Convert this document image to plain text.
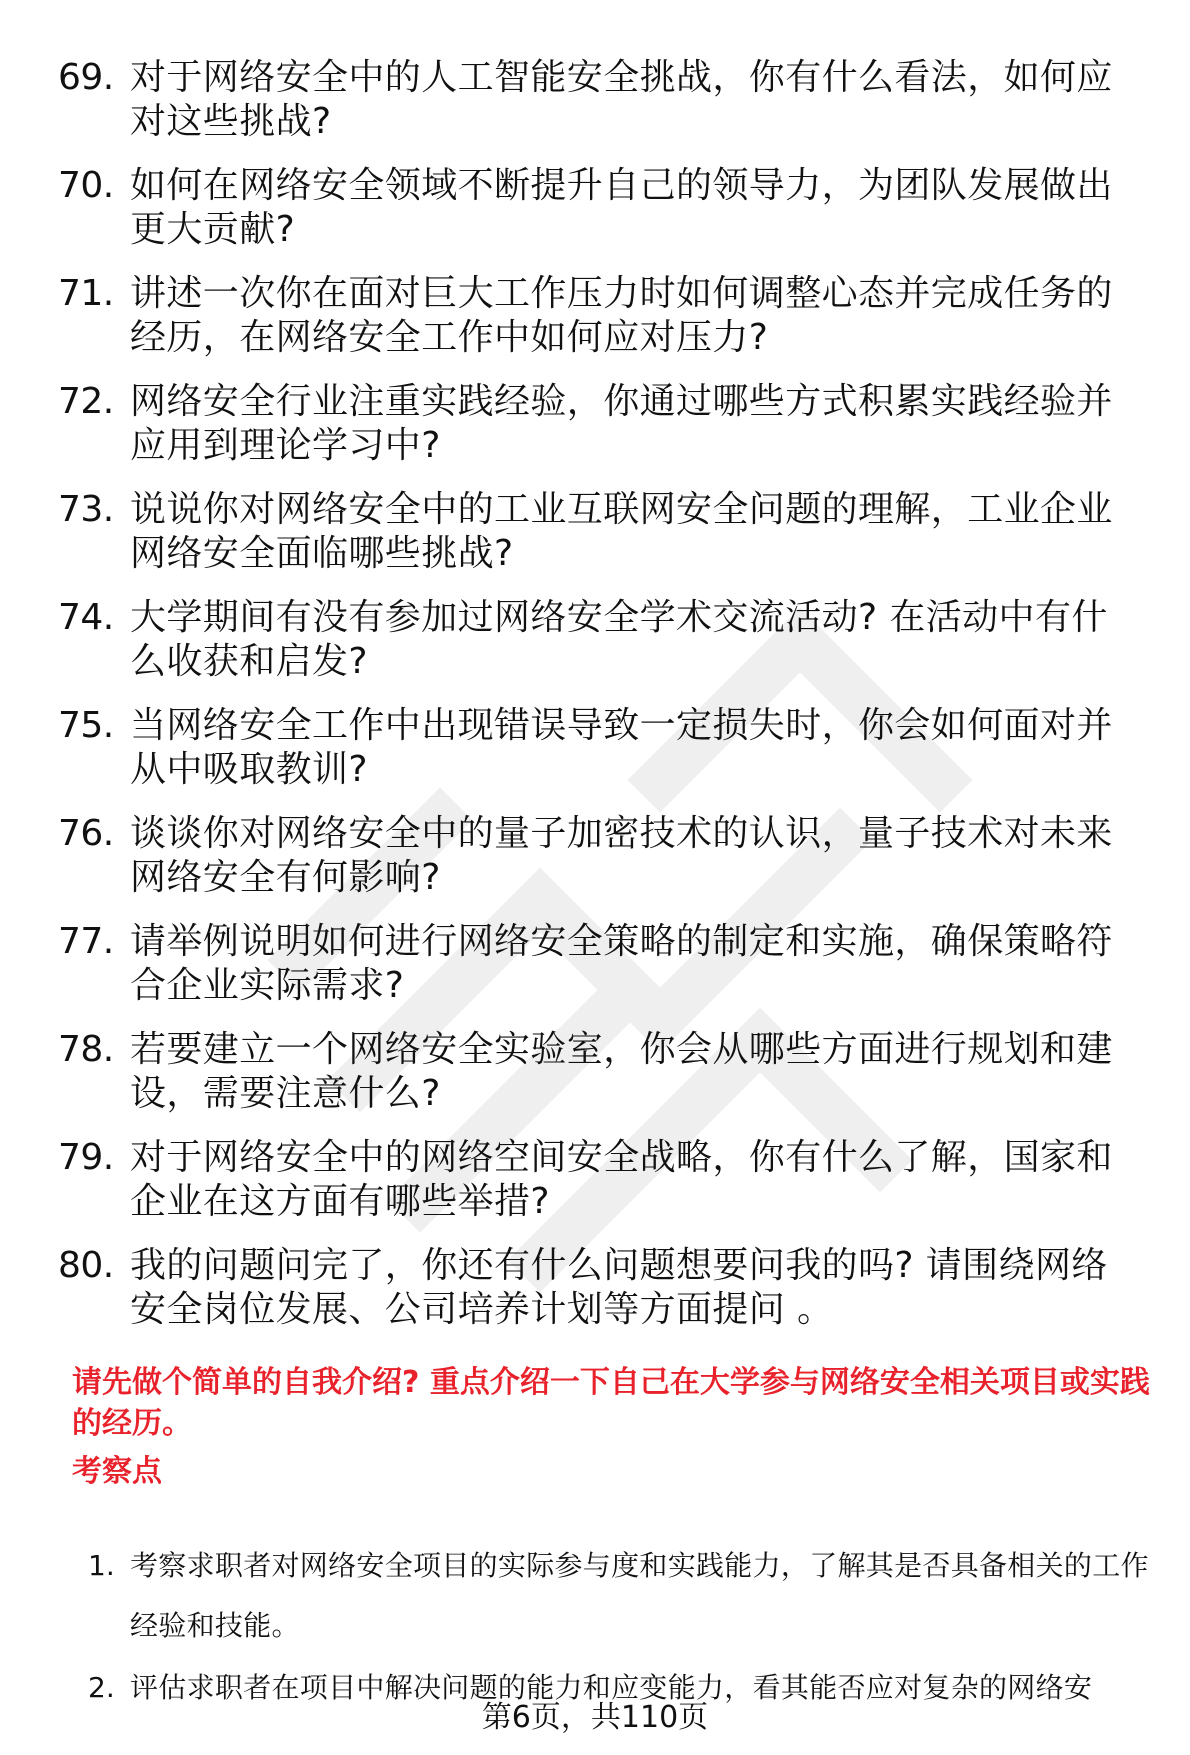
69. 对于网络安全中的人工智能安全挑战，你有什么看法，如何应对这些挑战?
70. 如何在网络安全领域不断提升自己的领导力，为团队发展做出更大贡献?
71. 讲述一次你在面对巨大工作压力时如何调整心态并完成任务的经历，在网络安全工作中如何应对压力?
72. 网络安全行业注重实践经验，你通过哪些方式积累实践经验并应用到理论学习中?
73. 说说你对网络安全中的工业互联网安全问题的理解，工业企业网络安全面临哪些挑战?
74. 大学期间有没有参加过网络安全学术交流活动? 在活动中有什么收获和启发?
75. 当网络安全工作中出现错误导致一定损失时，你会如何面对并从中吸取教训?
76. 谈谈你对网络安全中的量子加密技术的认识，量子技术对未来网络安全有何影响?
77. 请举例说明如何进行网络安全策略的制定和实施，确保策略符合企业实际需求?
78. 若要建立一个网络安全实验室，你会从哪些方面进行规划和建设，需要注意什么?
79. 对于网络安全中的网络空间安全战略，你有什么了解，国家和企业在这方面有哪些举措?
80. 我的问题问完了，你还有什么问题想要问我的吗? 请围绕网络安全岗位发展、公司培养计划等方面提问 。
请先做个简单的自我介绍? 重点介绍一下自己在大学参与网络安全相关项目或实践的经历。
考察点
1. 考察求职者对网络安全项目的实际参与度和实践能力，了解其是否具备相关的工作经验和技能。
2. 评估求职者在项目中解决问题的能力和应变能力，看其能否应对复杂的网络安
第6页，共110页
